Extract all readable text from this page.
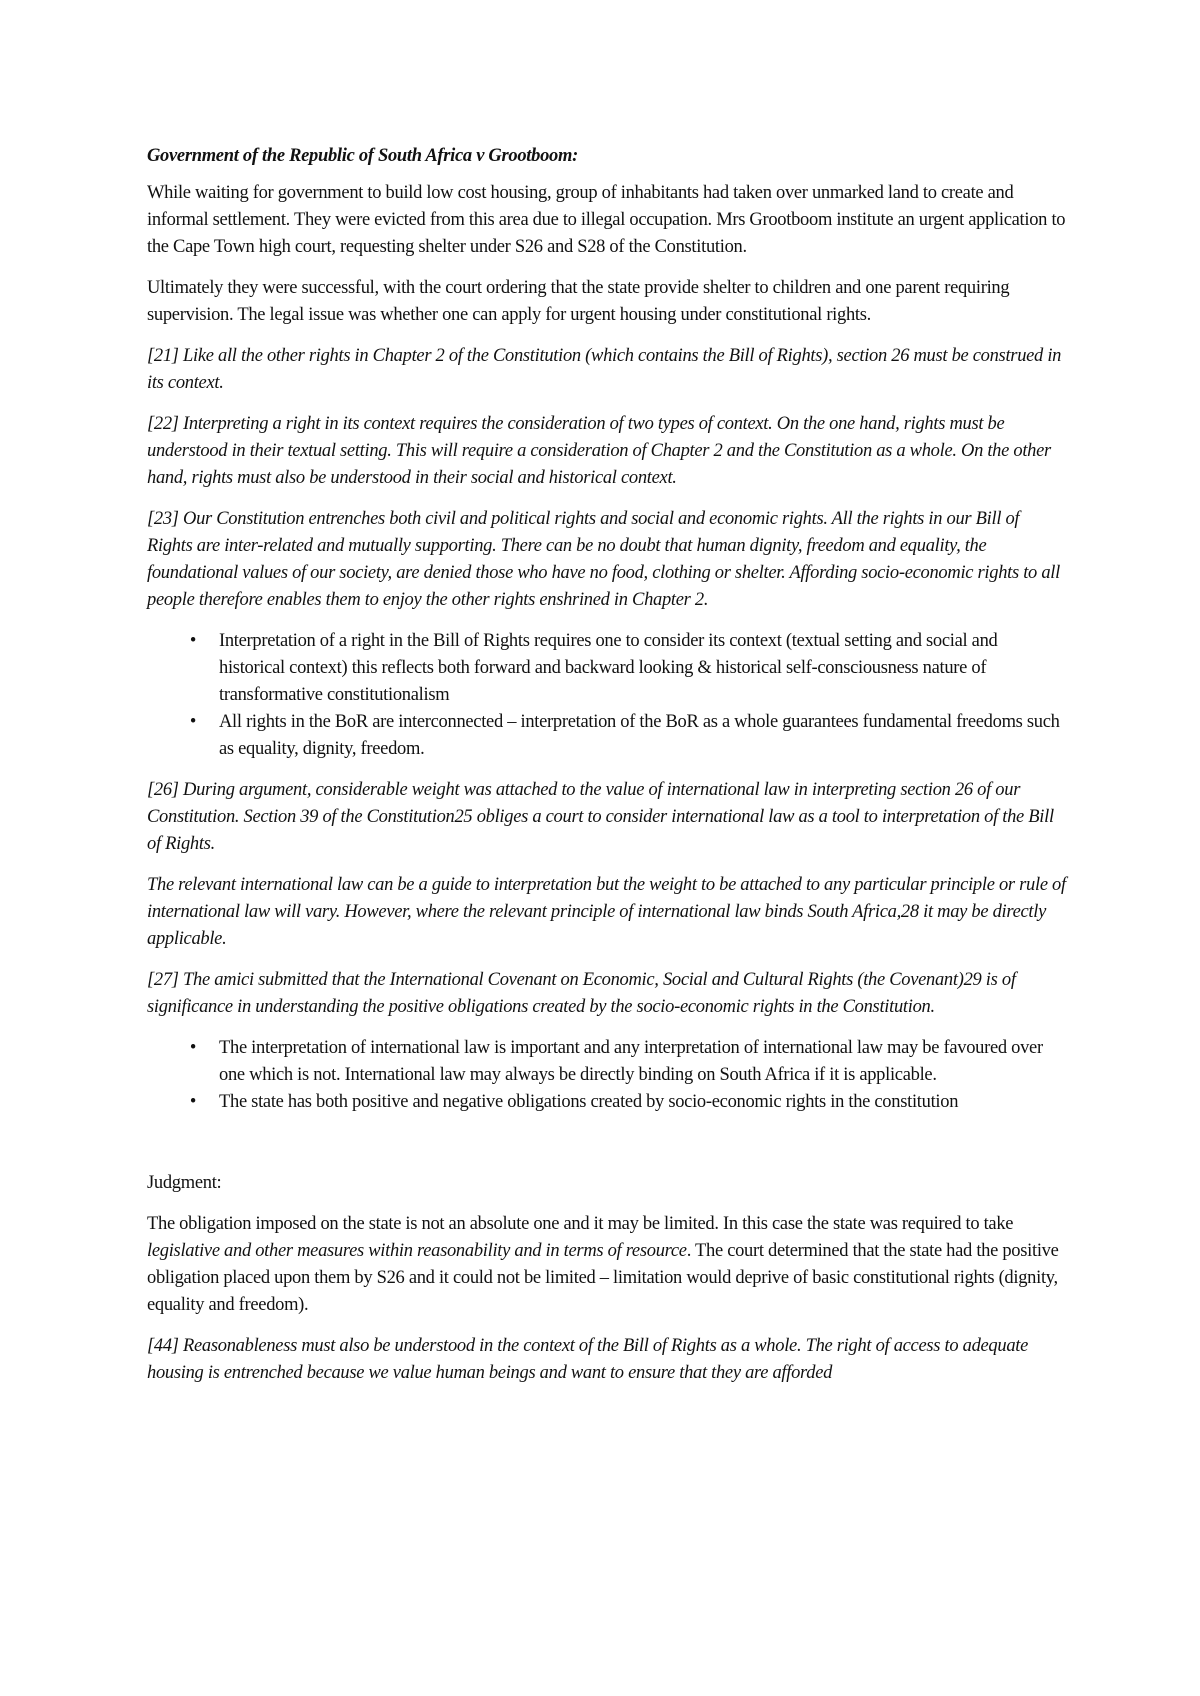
Government of the Republic of South Africa v Grootboom:

While waiting for government to build low cost housing, group of inhabitants had taken over unmarked land to create and informal settlement. They were evicted from this area due to illegal occupation. Mrs Grootboom institute an urgent application to the Cape Town high court, requesting shelter under S26 and S28 of the Constitution.

Ultimately they were successful, with the court ordering that the state provide shelter to children and one parent requiring supervision. The legal issue was whether one can apply for urgent housing under constitutional rights.

[21] Like all the other rights in Chapter 2 of the Constitution (which contains the Bill of Rights), section 26 must be construed in its context.

[22] Interpreting a right in its context requires the consideration of two types of context. On the one hand, rights must be understood in their textual setting. This will require a consideration of Chapter 2 and the Constitution as a whole. On the other hand, rights must also be understood in their social and historical context.

[23] Our Constitution entrenches both civil and political rights and social and economic rights. All the rights in our Bill of Rights are inter-related and mutually supporting. There can be no doubt that human dignity, freedom and equality, the foundational values of our society, are denied those who have no food, clothing or shelter. Affording socio-economic rights to all people therefore enables them to enjoy the other rights enshrined in Chapter 2.

•	Interpretation of a right in the Bill of Rights requires one to consider its context (textual setting and social and historical context) this reflects both forward and backward looking & historical self-consciousness nature of transformative constitutionalism
•	All rights in the BoR are interconnected – interpretation of the BoR as a whole guarantees fundamental freedoms such as equality, dignity, freedom.

[26] During argument, considerable weight was attached to the value of international law in interpreting section 26 of our Constitution. Section 39 of the Constitution25 obliges a court to consider international law as a tool to interpretation of the Bill of Rights.

The relevant international law can be a guide to interpretation but the weight to be attached to any particular principle or rule of international law will vary. However, where the relevant principle of international law binds South Africa,28 it may be directly applicable.

[27] The amici submitted that the International Covenant on Economic, Social and Cultural Rights (the Covenant)29 is of significance in understanding the positive obligations created by the socio-economic rights in the Constitution.

•	The interpretation of international law is important and any interpretation of international law may be favoured over one which is not. International law may always be directly binding on South Africa if it is applicable.
•	The state has both positive and negative obligations created by socio-economic rights in the constitution

Judgment:

The obligation imposed on the state is not an absolute one and it may be limited. In this case the state was required to take legislative and other measures within reasonability and in terms of resource. The court determined that the state had the positive obligation placed upon them by S26 and it could not be limited – limitation would deprive of basic constitutional rights (dignity, equality and freedom).

[44] Reasonableness must also be understood in the context of the Bill of Rights as a whole. The right of access to adequate housing is entrenched because we value human beings and want to ensure that they are afforded
